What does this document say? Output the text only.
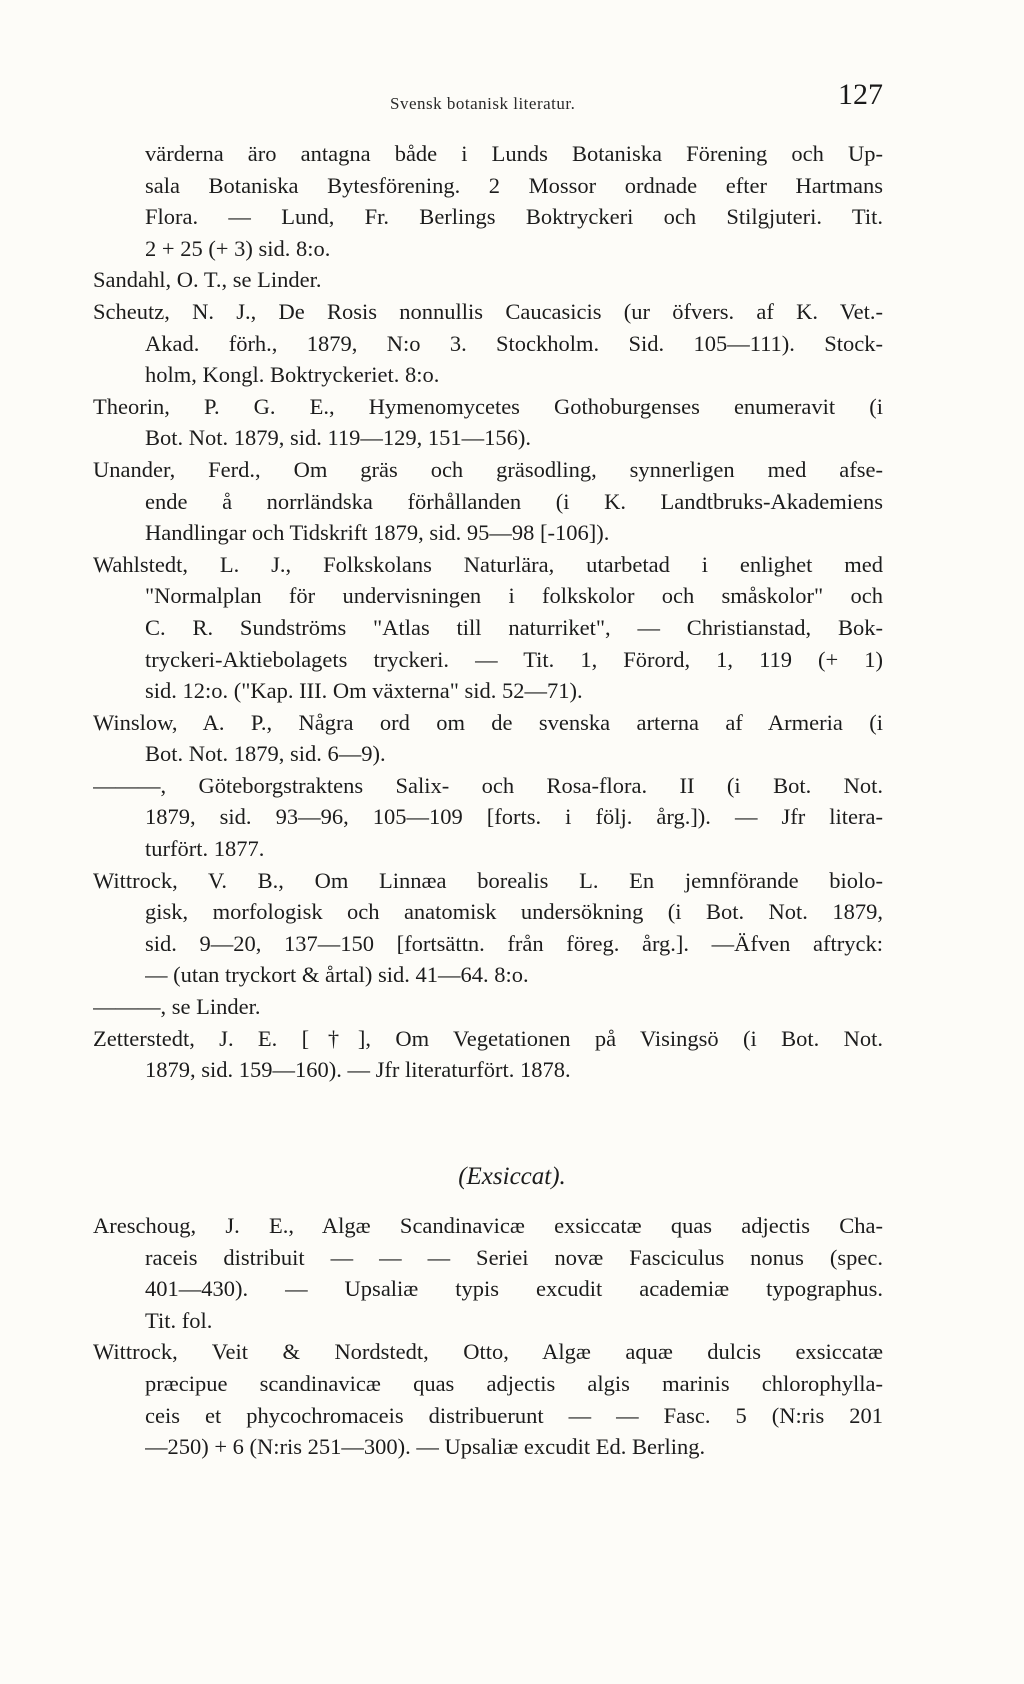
Svensk botanisk literatur.	127
värderna äro antagna både i Lunds Botaniska Förening och Up-
sala Botaniska Bytesförening. 2 Mossor ordnade efter Hartmans
Flora. — Lund, Fr. Berlings Boktryckeri och Stilgjuteri. Tit.
2 + 25 (+ 3) sid. 8:o.
Sandahl, O. T., se Linder.
Scheutz, N. J., De Rosis nonnullis Caucasicis (ur öfvers. af K. Vet.-
Akad. förh., 1879, N:o 3. Stockholm. Sid. 105—111). Stock-
holm, Kongl. Boktryckeriet. 8:o.
Theorin, P. G. E., Hymenomycetes Gothoburgenses enumeravit (i
Bot. Not. 1879, sid. 119—129, 151—156).
Unander, Ferd., Om gräs och gräsodling, synnerligen med afse-
ende å norrländska förhållanden (i K. Landtbruks-Akademiens
Handlingar och Tidskrift 1879, sid. 95—98 [-106]).
Wahlstedt, L. J., Folkskolans Naturlära, utarbetad i enlighet med
"Normalplan för undervisningen i folkskolor och småskolor" och
C. R. Sundströms "Atlas till naturriket", — Christianstad, Bok-
tryckeri-Aktiebolagets tryckeri. — Tit. 1, Förord, 1, 119 (+ 1)
sid. 12:o. ("Kap. III. Om växterna" sid. 52—71).
Winslow, A. P., Några ord om de svenska arterna af Armeria (i
Bot. Not. 1879, sid. 6—9).
———, Göteborgstraktens Salix- och Rosa-flora. II (i Bot. Not.
1879, sid. 93—96, 105—109 [forts. i följ. årg.]). — Jfr litera-
turfört. 1877.
Wittrock, V. B., Om Linnæa borealis L. En jemnförande biolo-
gisk, morfologisk och anatomisk undersökning (i Bot. Not. 1879,
sid. 9—20, 137—150 [fortsättn. från föreg. årg.]. —Äfven aftryck:
— (utan tryckort & årtal) sid. 41—64. 8:o.
———, se Linder.
Zetterstedt, J. E. [†], Om Vegetationen på Visingsö (i Bot. Not.
1879, sid. 159—160). — Jfr literaturfört. 1878.
(Exsiccat).
Areschoug, J. E., Algæ Scandinavicæ exsiccatæ quas adjectis Cha-
raceis distribuit — — — Seriei novæ Fasciculus nonus (spec.
401—430). — Upsaliæ typis excudit academiæ typographus.
Tit. fol.
Wittrock, Veit & Nordstedt, Otto, Algæ aquæ dulcis exsiccatæ
præcipue scandinavicæ quas adjectis algis marinis chlorophylla-
ceis et phycochromaceis distribuerunt — — Fasc. 5 (N:ris 201
—250) + 6 (N:ris 251—300). — Upsaliæ excudit Ed. Berling.
